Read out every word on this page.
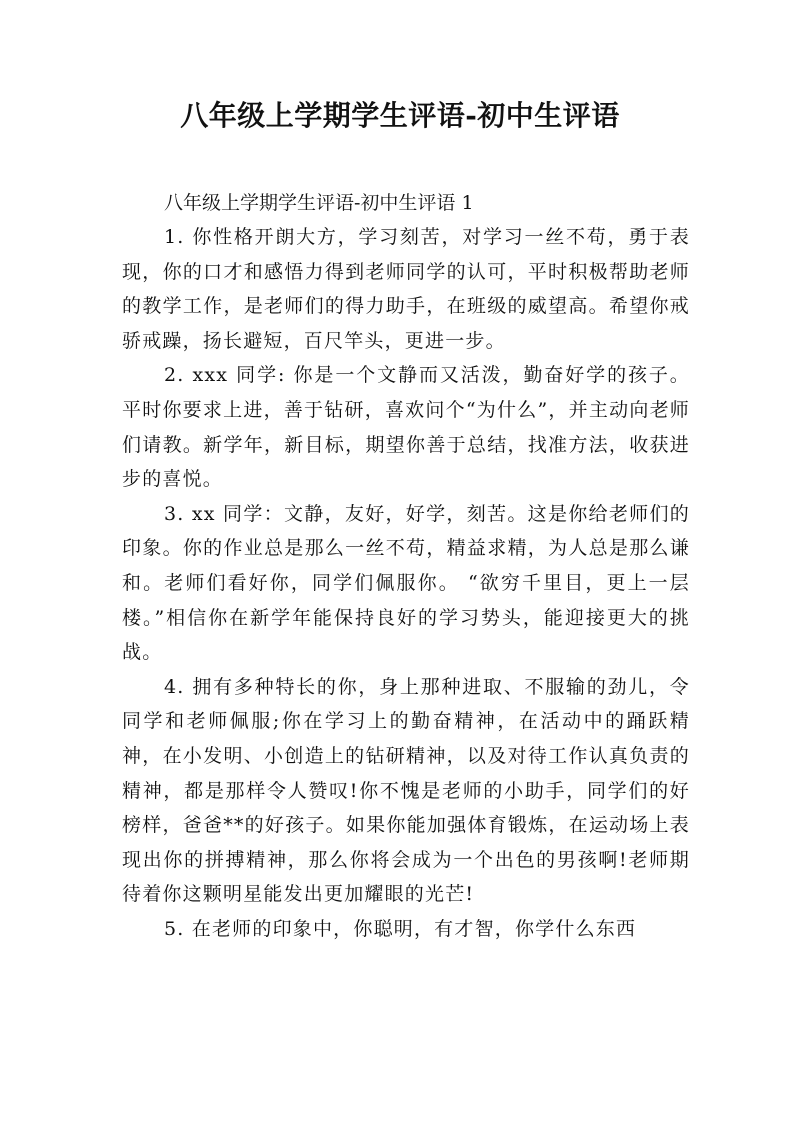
八年级上学期学生评语-初中生评语

八年级上学期学生评语-初中生评语 1

1. 你性格开朗大方，学习刻苦，对学习一丝不苟，勇于表现，你的口才和感悟力得到老师同学的认可，平时积极帮助老师的教学工作，是老师们的得力助手，在班级的威望高。希望你戒骄戒躁，扬长避短，百尺竿头，更进一步。

2. xxx 同学: 你是一个文静而又活泼，勤奋好学的孩子。平时你要求上进，善于钻研，喜欢问个“为什么”，并主动向老师们请教。新学年，新目标，期望你善于总结，找准方法，收获进步的喜悦。

3. xx 同学：文静，友好，好学，刻苦。这是你给老师们的印象。你的作业总是那么一丝不苟，精益求精，为人总是那么谦和。老师们看好你，同学们佩服你。 “欲穷千里目，更上一层楼。”相信你在新学年能保持良好的学习势头，能迎接更大的挑战。

4. 拥有多种特长的你，身上那种进取、不服输的劲儿，令同学和老师佩服;你在学习上的勤奋精神，在活动中的踊跃精神，在小发明、小创造上的钻研精神，以及对待工作认真负责的精神，都是那样令人赞叹!你不愧是老师的小助手，同学们的好榜样，爸爸**的好孩子。如果你能加强体育锻炼，在运动场上表现出你的拼搏精神，那么你将会成为一个出色的男孩啊!老师期待着你这颗明星能发出更加耀眼的光芒!

5. 在老师的印象中，你聪明，有才智，你学什么东西
